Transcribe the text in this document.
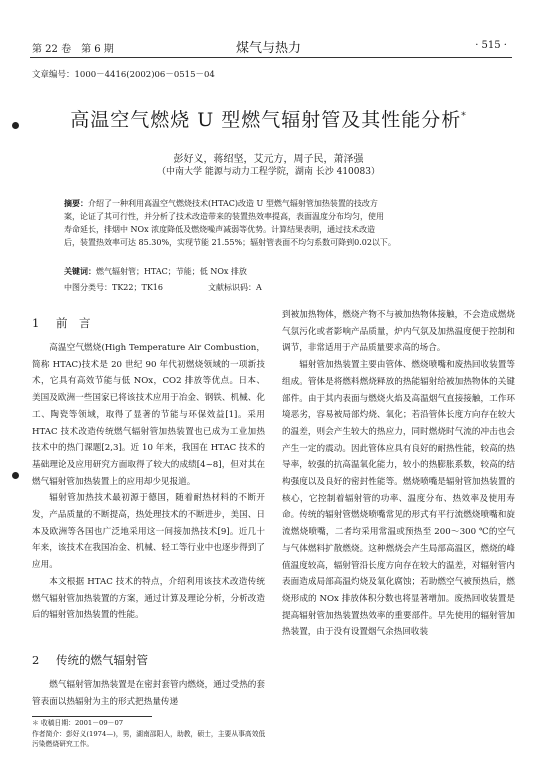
第 22 卷　第 6 期	煤气与热力	· 515 ·
文章编号：1000－4416(2002)06－0515－04
高温空气燃烧 U 型燃气辐射管及其性能分析*
彭好义，蒋绍坚，艾元方，周子民，萧泽强
（中南大学 能源与动力工程学院，湖南 长沙 410083）
摘要：介绍了一种利用高温空气燃烧技术(HTAC)改造 U 型燃气辐射管加热装置的技改方
案，论证了其可行性，并分析了技术改造带来的装置热效率提高，表面温度分布均匀，使用
寿命延长，排烟中 NOx 浓度降低及燃烧噪声减弱等优势。计算结果表明，通过技术改造
后，装置热效率可达 85.30%，实现节能 21.55%；辐射管表面不均匀系数可降到0.02以下。
关键词：燃气辐射管；HTAC；节能；低 NOx 排放
中图分类号：TK22；TK16	文献标识码：A
1 前　言

高温空气燃烧(High Temperature Air Combustion，简称 HTAC)技术是 20 世纪 90 年代初燃烧领域的一项新技术，它具有高效节能与低 NOx，CO2 排放等优点。日本、美国及欧洲一些国家已将该技术应用于冶金、钢铁、机械、化工、陶瓷等领域，取得了显著的节能与环保效益[1]。采用 HTAC 技术改造传统燃气辐射管加热装置也已成为工业加热技术中的热门课题[2,3]。近 10 年来，我国在 HTAC 技术的基础理论及应用研究方面取得了较大的成绩[4~8]，但对其在燃气辐射管加热装置上的应用却少见报道。

辐射管加热技术最初源于德国，随着耐热材料的不断开发，产品质量的不断提高，热处理技术的不断进步，美国、日本及欧洲等各国也广泛地采用这一间接加热技术[9]。近几十年来，该技术在我国冶金、机械、轻工等行业中也逐步得到了应用。

本文根据 HTAC 技术的特点，介绍利用该技术改造传统燃气辐射管加热装置的方案，通过计算及理论分析，分析改造后的辐射管加热装置的性能。

2 传统的燃气辐射管

燃气辐射管加热装置是在密封套管内燃烧，通过受热的套管表面以热辐射为主的形式把热量传递

＊ 收稿日期：2001－09－07
作者简介：彭好义(1974—)，男，湖南邵阳人，助教，硕士，主要从事高效低污染燃烧研究工作。

到被加热物体，燃烧产物不与被加热物体接触，不会造成燃烧气氛污化或者影响产品质量，炉内气氛及加热温度便于控制和调节，非常适用于产品质量要求高的场合。

辐射管加热装置主要由管体、燃烧喷嘴和废热回收装置等组成。管体是将燃料燃烧释放的热能辐射给被加热物体的关键部件。由于其内表面与燃烧火焰及高温烟气直接接触，工作环境恶劣，容易被局部灼烧、氧化；若沿管体长度方向存在较大的温差，则会产生较大的热应力，同时燃烧时气流的冲击也会产生一定的震动。因此管体应具有良好的耐热性能，较高的热导率，较强的抗高温氧化能力，较小的热膨胀系数，较高的结构强度以及良好的密封性能等。燃烧喷嘴是辐射管加热装置的核心，它控制着辐射管的功率、温度分布、热效率及使用寿命。传统的辐射管燃烧喷嘴常见的形式有平行流燃烧喷嘴和旋流燃烧喷嘴，二者均采用常温或预热至 200～300 ℃的空气与气体燃料扩散燃烧。这种燃烧会产生局部高温区，燃烧的峰值温度较高，辐射管沿长度方向存在较大的温差，对辐射管内表面造成局部高温灼烧及氧化腐蚀；若助燃空气被预热后，燃烧形成的 NOx 排放体积分数也将显著增加。废热回收装置是提高辐射管加热装置热效率的重要部件。早先使用的辐射管加热装置，由于没有设置烟气余热回收装
